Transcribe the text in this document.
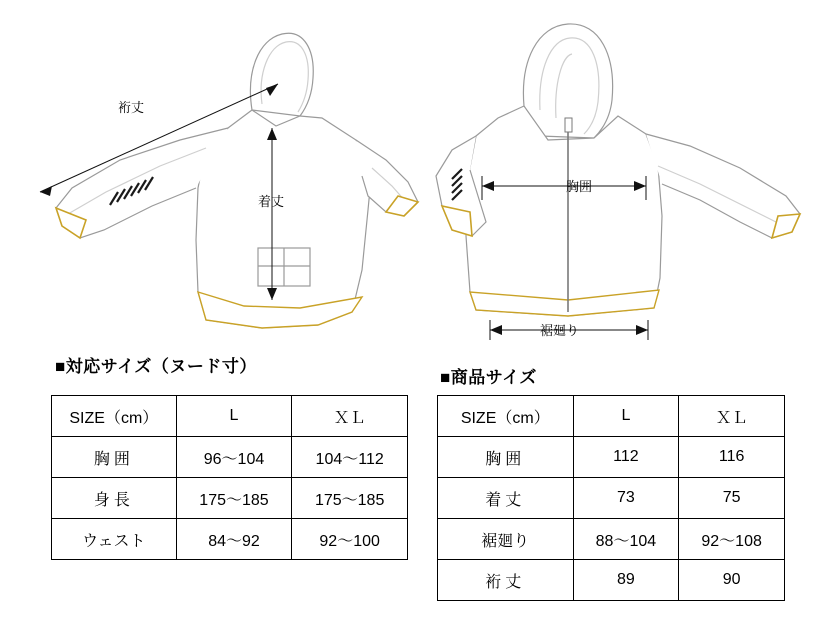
裄丈
着丈
胸囲
裾廻り
■対応サイズ（ヌード寸）
SIZE（cm）	L	ＸＬ
胸囲	96〜104	104〜112
身長	175〜185	175〜185
ウェスト	84〜92	92〜100
■商品サイズ
SIZE（cm）	L	ＸＬ
胸囲	112	116
着丈	73	75
裾廻り	88〜104	92〜108
裄丈	89	90
